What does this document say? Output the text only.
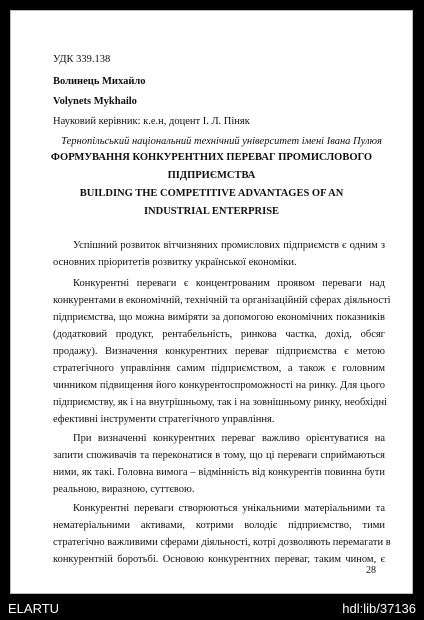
УДК 339.138
Волинець Михайло
Volynets Mykhailo
Науковий керівник: к.е.н, доцент І. Л. Піняк
Тернопільський національний технічний університет імені Івана Пулюя
ФОРМУВАННЯ КОНКУРЕНТНИХ ПЕРЕВАГ ПРОМИСЛОВОГО
ПІДПРИЄМСТВА
BUILDING THE COMPETITIVE ADVANTAGES OF AN
INDUSTRIAL ENTERPRISE
Успішний розвиток вітчизняних промислових підприємств є одним з
основних пріоритетів розвитку української економіки.
Конкурентні переваги є концентрованим проявом переваги над
конкурентами в економічній, технічній та організаційній сферах діяльності
підприємства, що можна виміряти за допомогою економічних показників
(додатковий продукт, рентабельність, ринкова частка, дохід, обсяг
продажу). Визначення конкурентних перевағ підприємства є метою
стратегічного управління самим підприємством, а також є головним
чинником підвищення його конкурентоспроможності на ринку. Для цього
підприємству, як і на внутрішньому, так і на зовнішньому ринку, необхідні
ефективні інструменти стратегічного управління.
При визначенні конкурентних переваг важливо орієнтуватися на
запити споживачів та переконатися в тому, що ці переваги сприймаються
ними, як такі. Головна вимога – відмінність від конкурентів повинна бути
реальною, виразною, суттєвою.
Конкурентні переваги створюються унікальними матеріальними та
нематеріальними активами, котрими володіє підприємство, тими
стратегічно важливими сферами діяльності, котрі дозволяють перемагати в
конкурентній боротьбі. Основою конкурентних переваг, таким чином, є
28
ELARTU	hdl:lib/37136
